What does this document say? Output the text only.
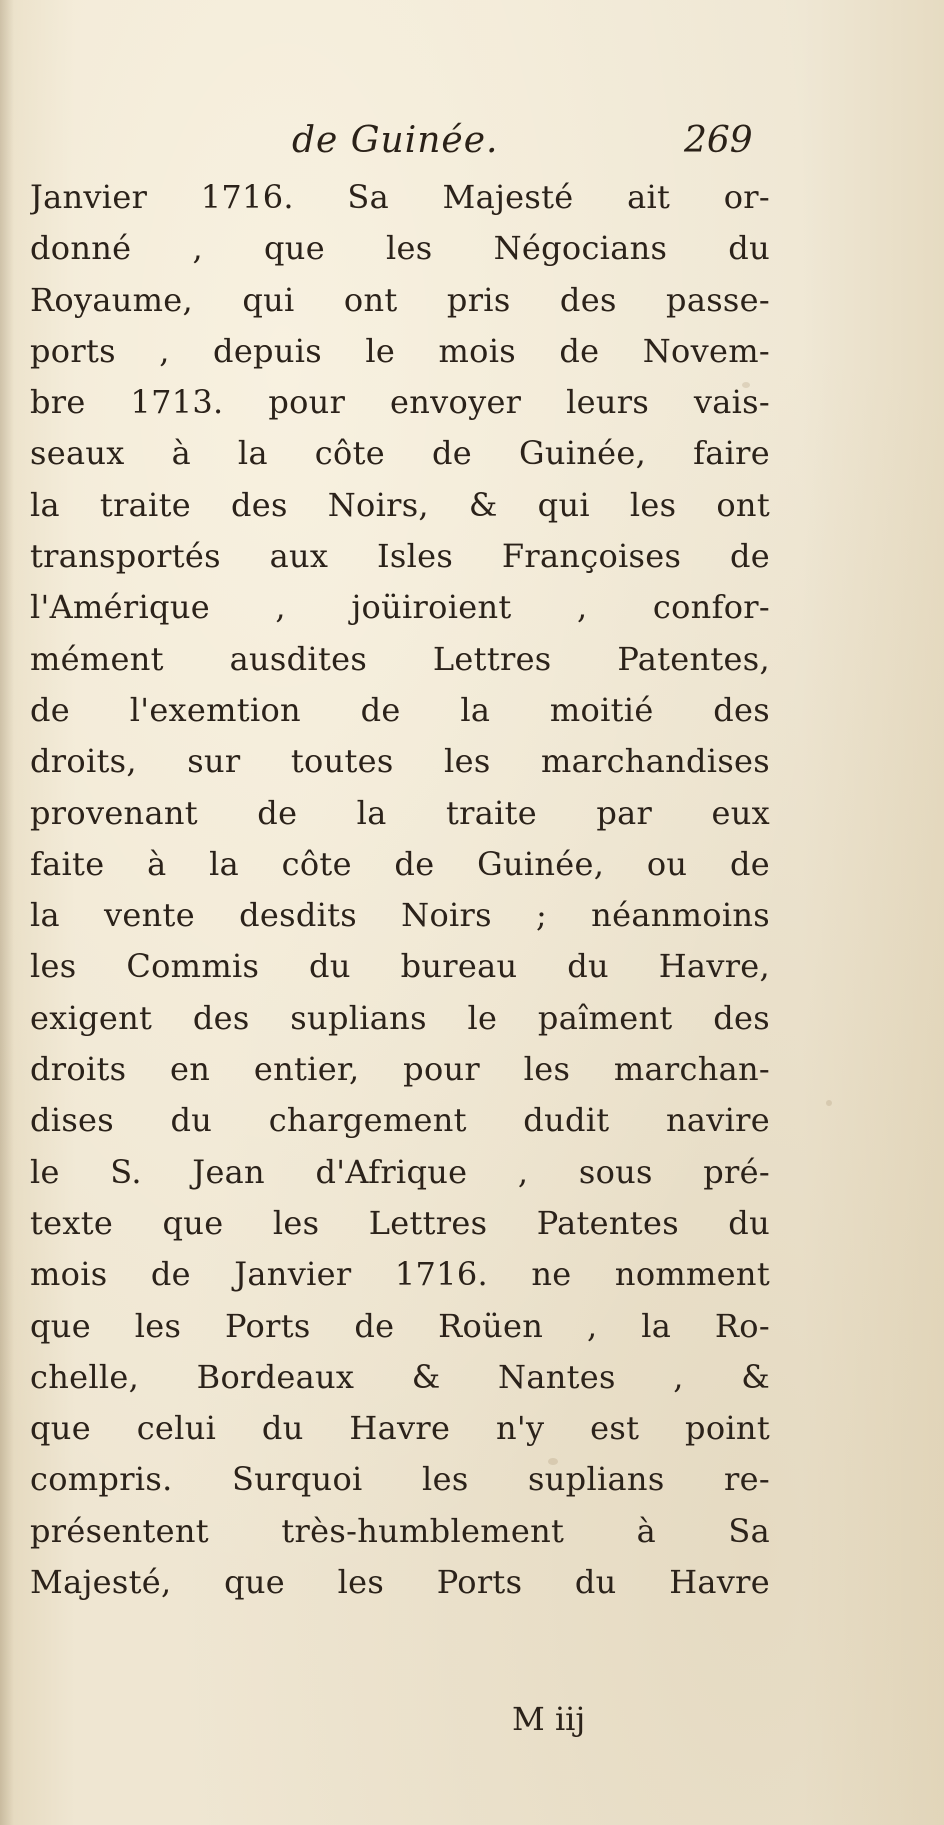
de Guinée.	269
Janvier 1716. Sa Majesté ait or-
donné , que les Négocians du
Royaume, qui ont pris des passe-
ports , depuis le mois de Novem-
bre 1713. pour envoyer leurs vais-
seaux à la côte de Guinée, faire
la traite des Noirs, & qui les ont
transportés aux Isles Françoises de
l'Amérique , joüiroient , confor-
mément ausdites Lettres Patentes,
de l'exemtion de la moitié des
droits, sur toutes les marchandises
provenant de la traite par eux
faite à la côte de Guinée, ou de
la vente desdits Noirs ; néanmoins
les Commis du bureau du Havre,
exigent des suplians le paîment des
droits en entier, pour les marchan-
dises du chargement dudit navire
le S. Jean d'Afrique , sous pré-
texte que les Lettres Patentes du
mois de Janvier 1716. ne nomment
que les Ports de Roüen , la Ro-
chelle, Bordeaux & Nantes , &
que celui du Havre n'y est point
compris. Surquoi les suplians re-
présentent très-humblement à Sa
Majesté, que les Ports du Havre
M iij
